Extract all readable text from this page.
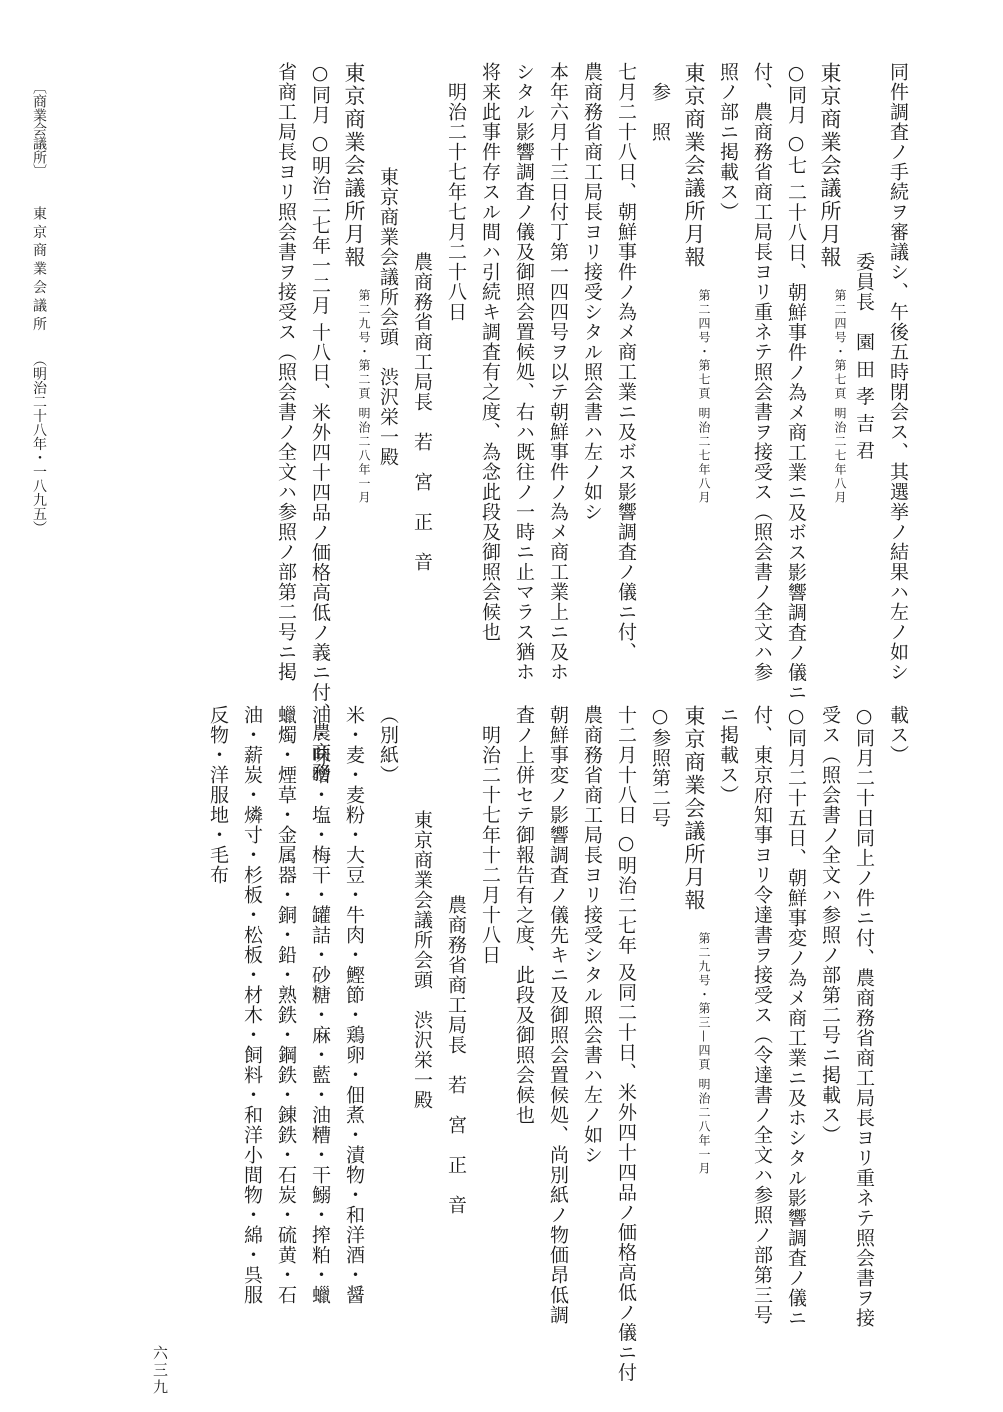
同件調査ノ手続ヲ審議シ、午後五時閉会ス、其選挙ノ結果ハ左ノ如シ
委員長　園 田 孝 吉 君
東京商業会議所月報第二四号・第七頁 明治二七年八月
○同月 ○七 二十八日、朝鮮事件ノ為メ商工業ニ及ボス影響調査ノ儀ニ
付、農商務省商工局長ヨリ重ネテ照会書ヲ接受ス（照会書ノ全文ハ参
照ノ部ニ掲載ス）
東京商業会議所月報第二四号・第七頁 明治二七年八月
参　照
七月二十八日、朝鮮事件ノ為メ商工業ニ及ボス影響調査ノ儀ニ付、
農商務省商工局長ヨリ接受シタル照会書ハ左ノ如シ
本年六月十三日付丁第一四四号ヲ以テ朝鮮事件ノ為メ商工業上ニ及ホ
シタル影響調査ノ儀及御照会置候処、右ハ既往ノ一時ニ止マラス猶ホ
将来此事件存スル間ハ引続キ調査有之度、為念此段及御照会候也
明治二十七年七月二十八日
農商務省商工局長　若　宮　正　音
東京商業会議所会頭　渋沢栄一殿
東京商業会議所月報第二九号・第二頁 明治二八年一月
○同月 ○明治二七年一二月 十八日、米外四十四品ノ価格高低ノ義ニ付、農商務
省商工局長ヨリ照会書ヲ接受ス（照会書ノ全文ハ参照ノ部第二号ニ掲
載ス）
○同月二十日同上ノ件ニ付、農商務省商工局長ヨリ重ネテ照会書ヲ接
受ス（照会書ノ全文ハ参照ノ部第二号ニ掲載ス）
○同月二十五日、朝鮮事変ノ為メ商工業ニ及ホシタル影響調査ノ儀ニ
付、東京府知事ヨリ令達書ヲ接受ス（令達書ノ全文ハ参照ノ部第三号
ニ掲載ス）
東京商業会議所月報第二九号・第三—四頁 明治二八年一月
○参照第二号
十二月十八日 ○明治二七年 及同二十日、米外四十四品ノ価格高低ノ儀ニ付
農商務省商工局長ヨリ接受シタル照会書ハ左ノ如シ
朝鮮事変ノ影響調査ノ儀先キニ及御照会置候処、尚別紙ノ物価昂低調
査ノ上併セテ御報告有之度、此段及御照会候也
明治二十七年十二月十八日
農商務省商工局長　若　宮　正　音
東京商業会議所会頭　渋沢栄一殿
（別紙）
米・麦・麦粉・大豆・牛肉・鰹節・鶏卵・佃煮・漬物・和洋酒・醤
油・味噌・塩・梅干・罐詰・砂糖・麻・藍・油糟・干鰯・搾粕・蠟
蠟燭・煙草・金属器・銅・鉛・熟鉄・鋼鉄・錬鉄・石炭・硫黄・石
油・薪炭・燐寸・杉板・松板・材木・飼料・和洋小間物・綿・呉服
反物・洋服地・毛布
〔商業会議所〕東 京 商 業 会 議 所（明治二十八年・一八九五）
六三九
